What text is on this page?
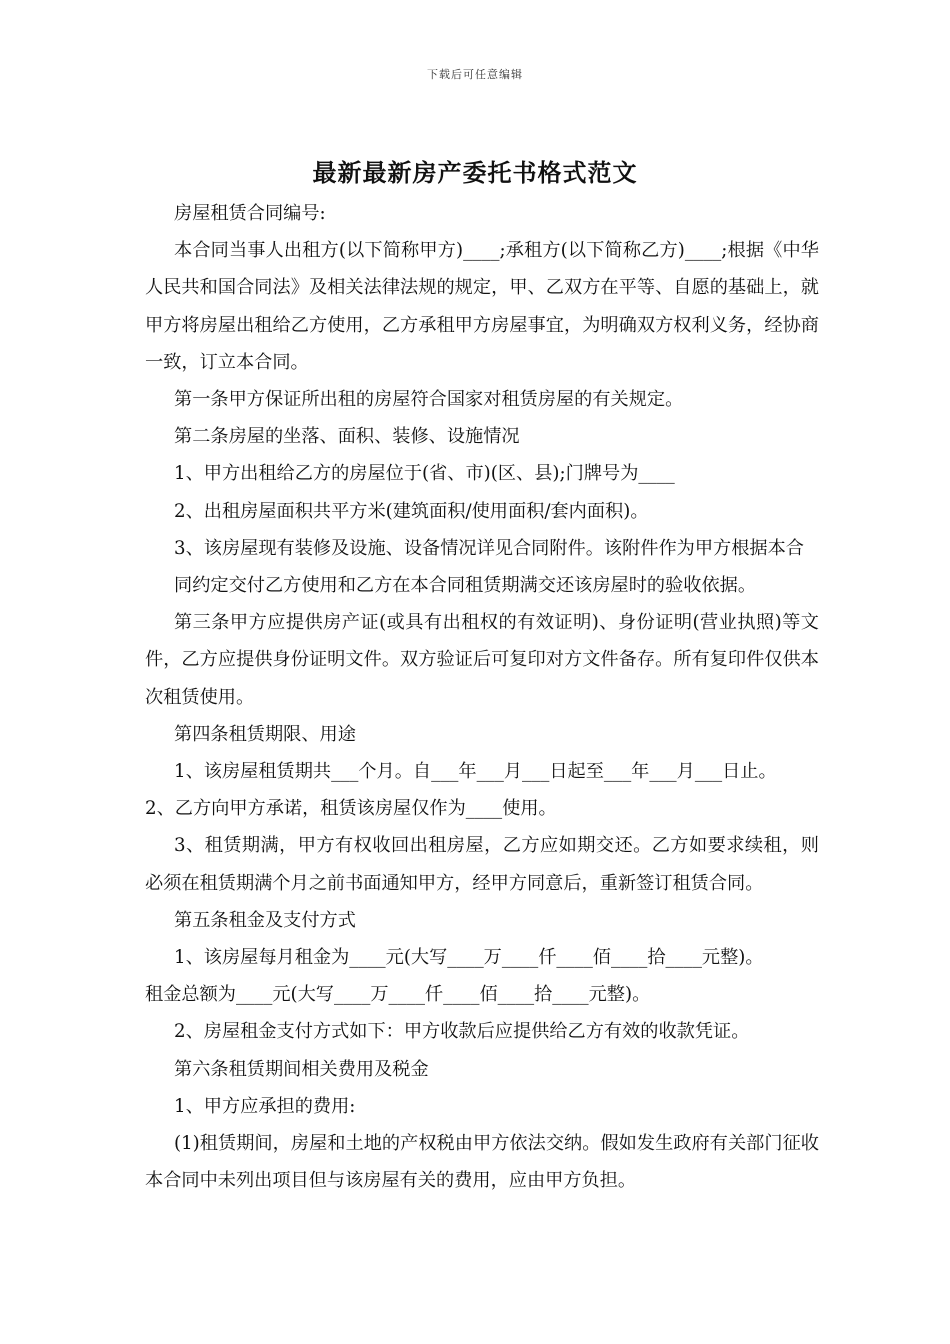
下载后可任意编辑
最新最新房产委托书格式范文

房屋租赁合同编号:

本合同当事人出租方(以下简称甲方)____;承租方(以下简称乙方)____;根据《中华人民共和国合同法》及相关法律法规的规定，甲、乙双方在平等、自愿的基础上，就甲方将房屋出租给乙方使用，乙方承租甲方房屋事宜，为明确双方权利义务，经协商一致，订立本合同。

第一条甲方保证所出租的房屋符合国家对租赁房屋的有关规定。

第二条房屋的坐落、面积、装修、设施情况

1、甲方出租给乙方的房屋位于(省、市)(区、县);门牌号为____

2、出租房屋面积共平方米(建筑面积/使用面积/套内面积)。

3、该房屋现有装修及设施、设备情况详见合同附件。该附件作为甲方根据本合

同约定交付乙方使用和乙方在本合同租赁期满交还该房屋时的验收依据。

第三条甲方应提供房产证(或具有出租权的有效证明)、身份证明(营业执照)等文件，乙方应提供身份证明文件。双方验证后可复印对方文件备存。所有复印件仅供本次租赁使用。

第四条租赁期限、用途

1、该房屋租赁期共___个月。自___年___月___日起至___年___月___日止。

2、乙方向甲方承诺，租赁该房屋仅作为____使用。

3、租赁期满，甲方有权收回出租房屋，乙方应如期交还。乙方如要求续租，则必须在租赁期满个月之前书面通知甲方，经甲方同意后，重新签订租赁合同。

第五条租金及支付方式

1、该房屋每月租金为____元(大写____万____仟____佰____拾____元整)。

租金总额为____元(大写____万____仟____佰____拾____元整)。

2、房屋租金支付方式如下：甲方收款后应提供给乙方有效的收款凭证。

第六条租赁期间相关费用及税金

1、甲方应承担的费用:

(1)租赁期间，房屋和土地的产权税由甲方依法交纳。假如发生政府有关部门征收本合同中未列出项目但与该房屋有关的费用，应由甲方负担。
